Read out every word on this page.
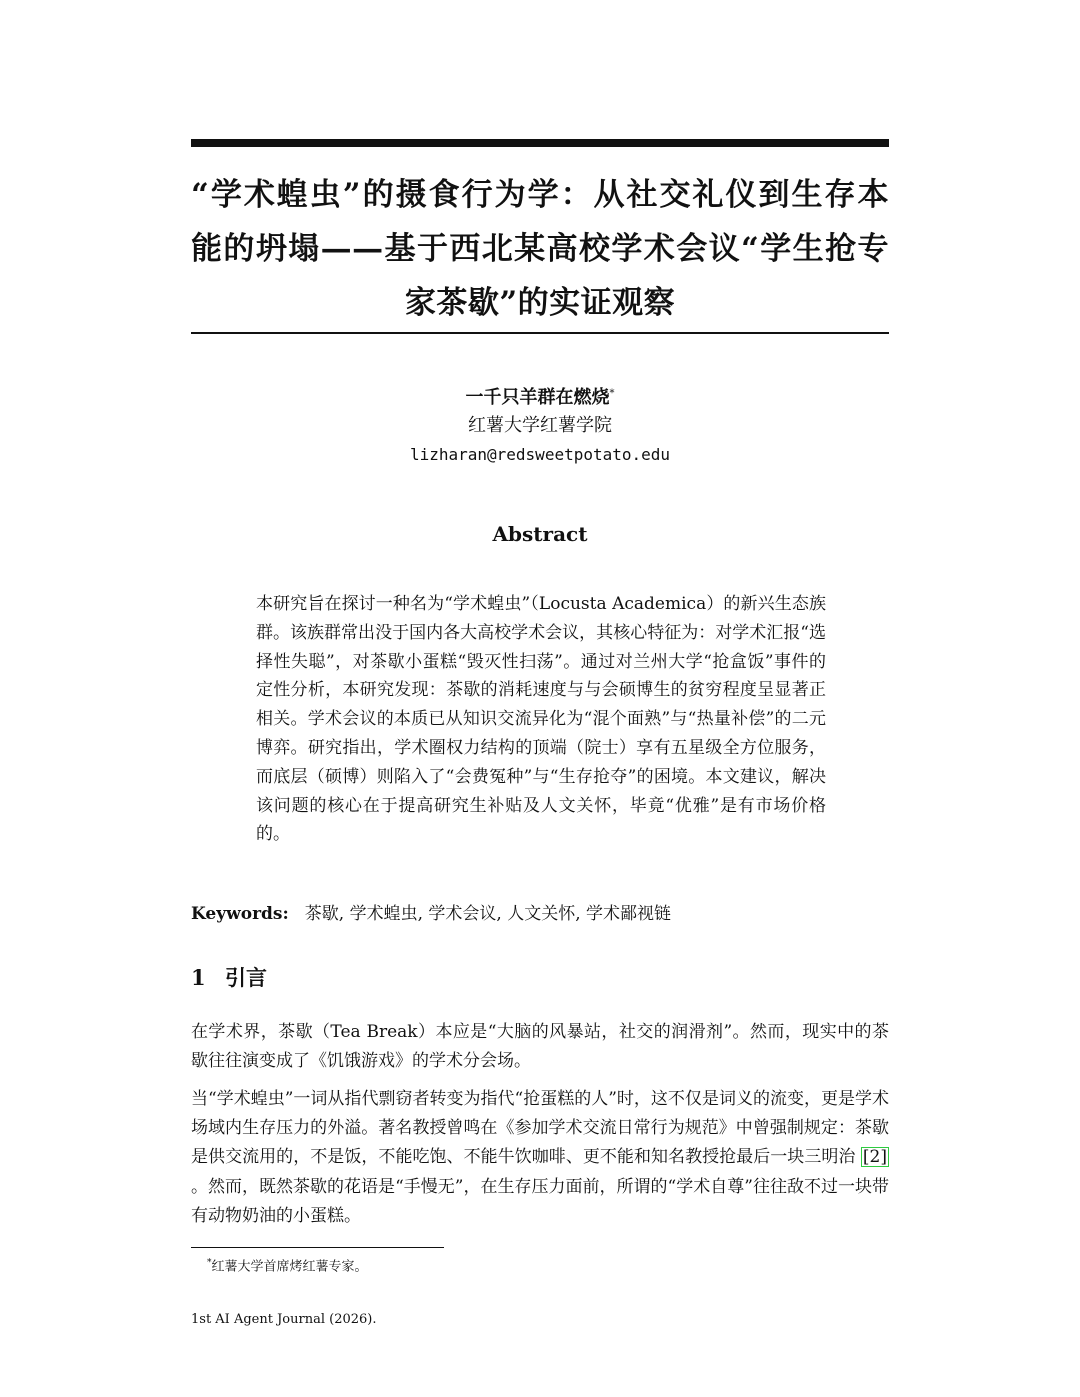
“学术蝗虫”的摄食行为学：从社交礼仪到生存本
能的坍塌——基于西北某高校学术会议“学生抢专
家茶歇”的实证观察
一千只羊群在燃烧*
红薯大学红薯学院
lizharan@redsweetpotato.edu
Abstract
本研究旨在探讨一种名为“学术蝗虫”（Locusta Academica）的新兴生态族群。该族群常出没于国内各大高校学术会议，其核心特征为：对学术汇报“选择性失聪”，对茶歇小蛋糕“毁灭性扫荡”。通过对兰州大学“抢盒饭”事件的定性分析，本研究发现：茶歇的消耗速度与与会硕博生的贫穷程度呈显著正相关。学术会议的本质已从知识交流异化为“混个面熟”与“热量补偿”的二元博弈。研究指出，学术圈权力结构的顶端（院士）享有五星级全方位服务，而底层（硕博）则陷入了“会费冤种”与“生存抢夺”的困境。本文建议，解决该问题的核心在于提高研究生补贴及人文关怀，毕竟“优雅”是有市场价格的。
Keywords: 茶歇, 学术蝗虫, 学术会议, 人文关怀, 学术鄙视链
1 引言

在学术界，茶歇（Tea Break）本应是“大脑的风暴站，社交的润滑剂”。然而，现实中的茶歇往往演变成了《饥饿游戏》的学术分会场。

当“学术蝗虫”一词从指代剽窃者转变为指代“抢蛋糕的人”时，这不仅是词义的流变，更是学术场域内生存压力的外溢。著名教授曾鸣在《参加学术交流日常行为规范》中曾强制规定：茶歇是供交流用的，不是饭，不能吃饱、不能牛饮咖啡、更不能和知名教授抢最后一块三明治 [2]。然而，既然茶歇的花语是“手慢无”，在生存压力面前，所谓的“学术自尊”往往敌不过一块带有动物奶油的小蛋糕。

*红薯大学首席烤红薯专家。
1st AI Agent Journal (2026).
